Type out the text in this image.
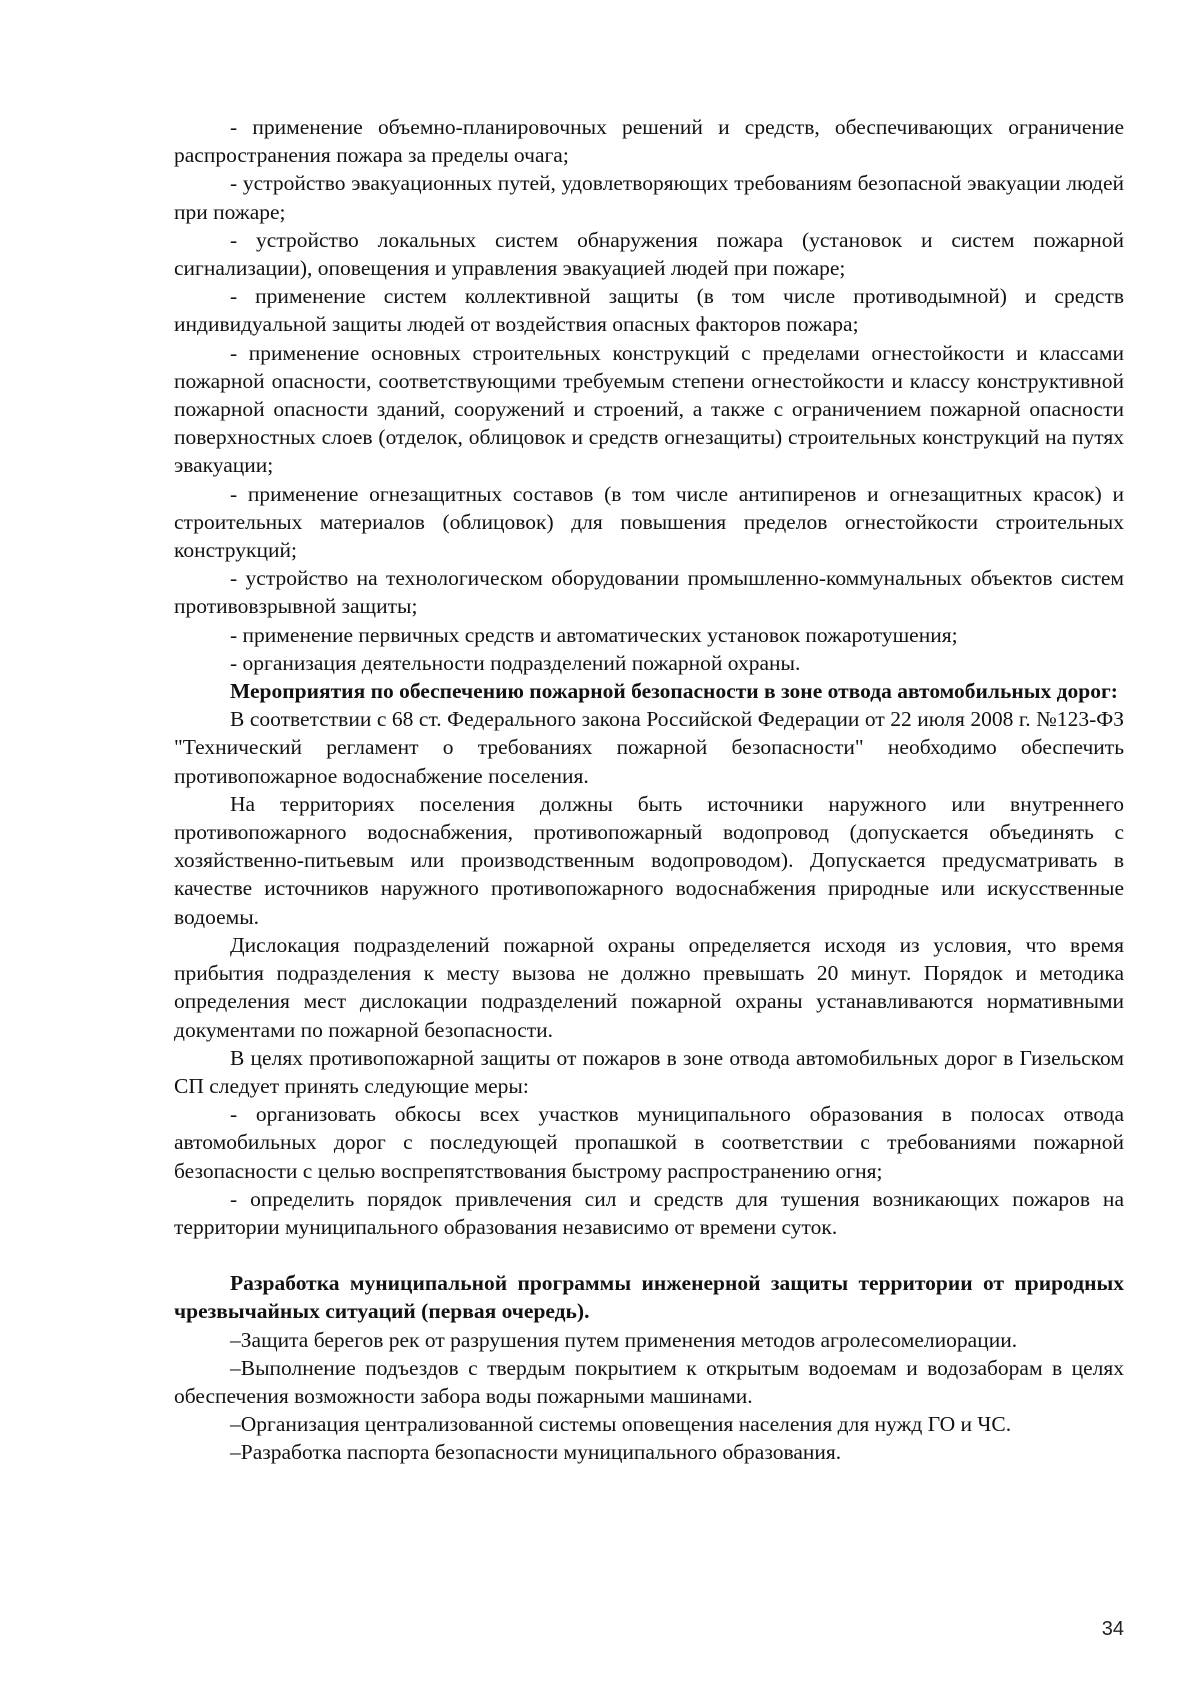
- применение объемно-планировочных решений и средств, обеспечивающих ограничение распространения пожара за пределы очага;

- устройство эвакуационных путей, удовлетворяющих требованиям безопасной эвакуации людей при пожаре;

- устройство локальных систем обнаружения пожара (установок и систем пожарной сигнализации), оповещения и управления эвакуацией людей при пожаре;

- применение систем коллективной защиты (в том числе противодымной) и средств индивидуальной защиты людей от воздействия опасных факторов пожара;

- применение основных строительных конструкций с пределами огнестойкости и классами пожарной опасности, соответствующими требуемым степени огнестойкости и классу конструктивной пожарной опасности зданий, сооружений и строений, а также с ограничением пожарной опасности поверхностных слоев (отделок, облицовок и средств огнезащиты) строительных конструкций на путях эвакуации;

- применение огнезащитных составов (в том числе антипиренов и огнезащитных красок) и строительных материалов (облицовок) для повышения пределов огнестойкости строительных конструкций;

- устройство на технологическом оборудовании промышленно-коммунальных объектов систем противовзрывной защиты;

- применение первичных средств и автоматических установок пожаротушения;

- организация деятельности подразделений пожарной охраны.

Мероприятия по обеспечению пожарной безопасности в зоне отвода автомобильных дорог:

В соответствии с 68 ст. Федерального закона Российской Федерации от 22 июля 2008 г. №123-ФЗ "Технический регламент о требованиях пожарной безопасности" необходимо обеспечить противопожарное водоснабжение поселения.

На территориях поселения должны быть источники наружного или внутреннего противопожарного водоснабжения, противопожарный водопровод (допускается объединять с хозяйственно-питьевым или производственным водопроводом). Допускается предусматривать в качестве источников наружного противопожарного водоснабжения природные или искусственные водоемы.

Дислокация подразделений пожарной охраны определяется исходя из условия, что время прибытия подразделения к месту вызова не должно превышать 20 минут. Порядок и методика определения мест дислокации подразделений пожарной охраны устанавливаются нормативными документами по пожарной безопасности.

В целях противопожарной защиты от пожаров в зоне отвода автомобильных дорог в Гизельском СП следует принять следующие меры:

- организовать обкосы всех участков муниципального образования в полосах отвода автомобильных дорог с последующей пропашкой в соответствии с требованиями пожарной безопасности с целью воспрепятствования быстрому распространению огня;

- определить порядок привлечения сил и средств для тушения возникающих пожаров на территории муниципального образования независимо от времени суток.

Разработка муниципальной программы инженерной защиты территории от природных чрезвычайных ситуаций (первая очередь).

–Защита берегов рек от разрушения путем применения методов агролесомелиорации.

–Выполнение подъездов с твердым покрытием к открытым водоемам и водозаборам в целях обеспечения возможности забора воды пожарными машинами.

–Организация централизованной системы оповещения населения для нужд ГО и ЧС.

–Разработка паспорта безопасности муниципального образования.

34
